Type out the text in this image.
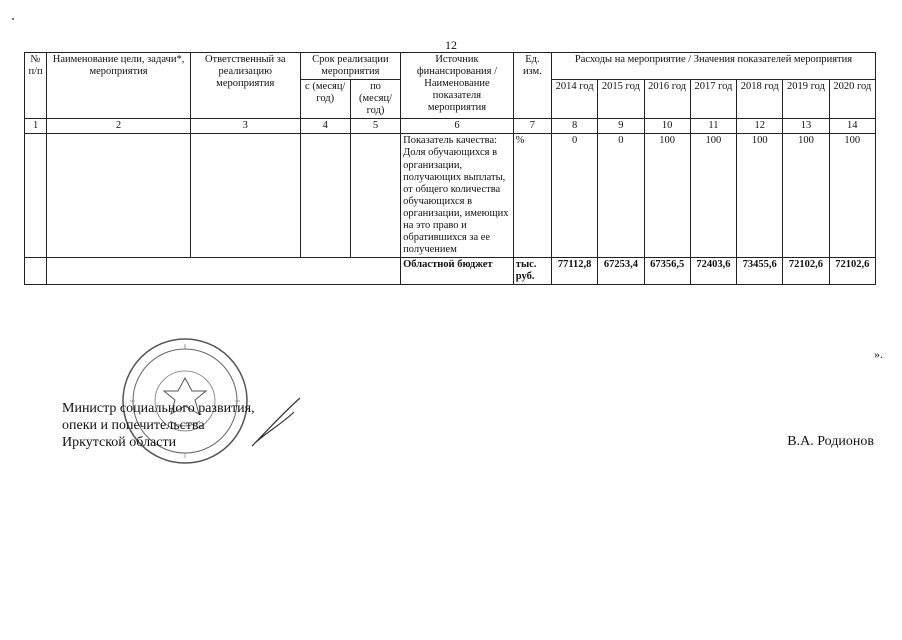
12
№ п/п	Наименование цели, задачи*, мероприятия	Ответственный за реализацию мероприятия	Срок реализации мероприятия		Источник финансирования / Наименование показателя мероприятия	Ед. изм.	Расходы на мероприятие / Значения показателей мероприятия						
			с (месяц/ год)	по (месяц/ год)			2014 год	2015 год	2016 год	2017 год	2018 год	2019 год	2020 год
1	2	3	4	5	6	7	8	9	10	11	12	13	14
					Показатель качества: Доля обучающихся в организации, получающих выплаты, от общего количества обучающихся в организации, имеющих на это право и обратившихся за ее получением	%	0	0	100	100	100	100	100
					Областной бюджет	тыс. руб.	77112,8	67253,4	67356,5	72403,6	73455,6	72102,6	72102,6
».
Министр социального развития,
опеки и попечительства
Иркутской области	В.А. Родионов
